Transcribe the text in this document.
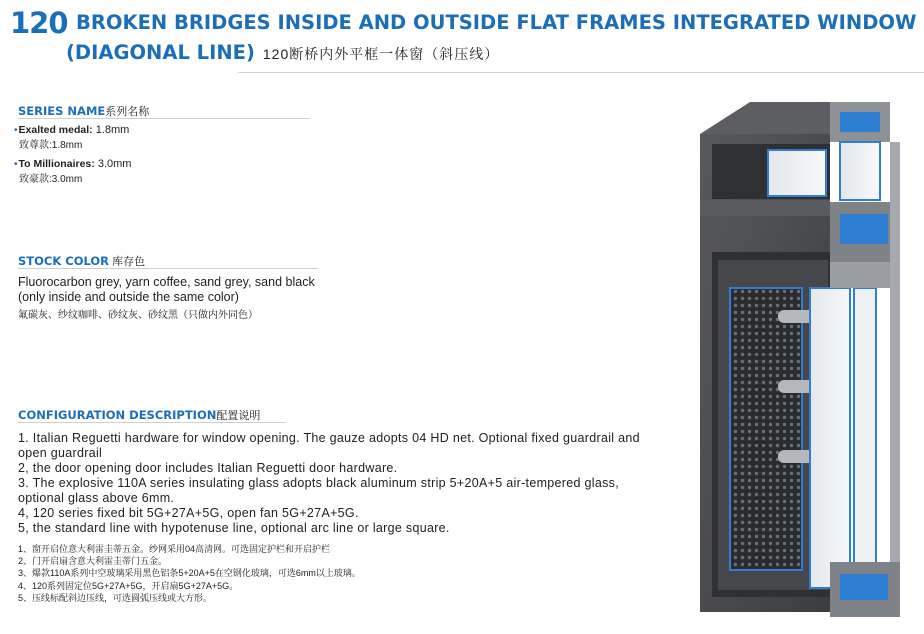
120 BROKEN BRIDGES INSIDE AND OUTSIDE FLAT FRAMES INTEGRATED WINDOW
(DIAGONAL LINE) 120断桥内外平框一体窗（斜压线）
SERIES NAME系列名称
•Exalted medal: 1.8mm
致尊款:1.8mm
•To Millionaires: 3.0mm
致豪款:3.0mm
STOCK COLOR 库存色
Fluorocarbon grey, yarn coffee, sand grey, sand black
(only inside and outside the same color)
氟碳灰、纱纹咖啡、砂纹灰、砂纹黑（只做内外同色）
CONFIGURATION DESCRIPTION配置说明
1. Italian Reguetti hardware for window opening. The gauze adopts 04 HD net. Optional fixed guardrail and open guardrail
2, the door opening door includes Italian Reguetti door hardware.
3. The explosive 110A series insulating glass adopts black aluminum strip 5+20A+5 air-tempered glass, optional glass above 6mm.
4, 120 series fixed bit 5G+27A+5G, open fan 5G+27A+5G.
5, the standard line with hypotenuse line, optional arc line or large square.
1、窗开启位意大利雷圭蒂五金。纱网采用04高清网。可选固定护栏和开启护栏
2、门开启扇含意大利雷圭蒂门五金。
3、爆款110A系列中空玻璃采用黑色铝条5+20A+5在空钢化玻璃，可选6mm以上玻璃。
4、120系列固定位5G+27A+5G，开启扇5G+27A+5G。
5、压线标配斜边压线，可选圆弧压线或大方形。
